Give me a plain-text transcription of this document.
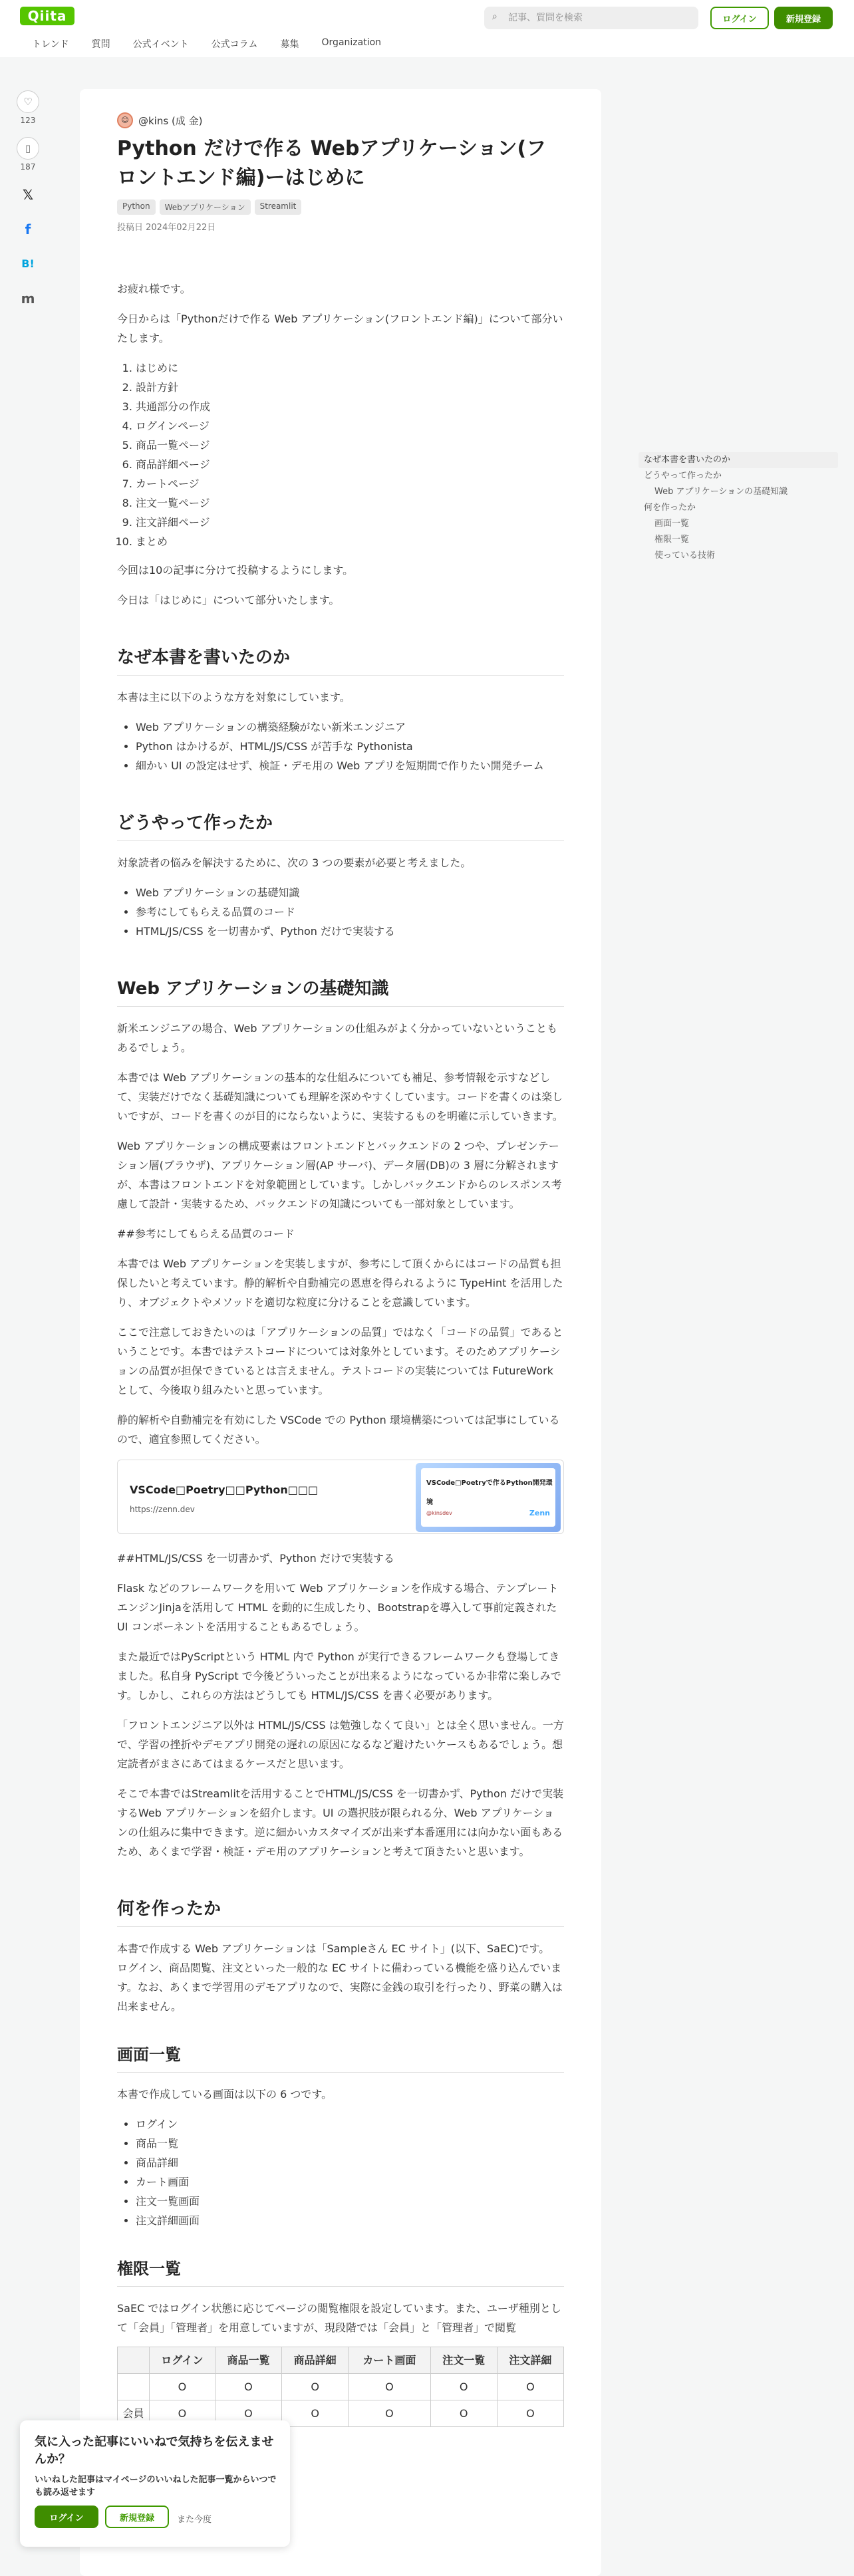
Qiita	⌕
記事、質問を検索	ログイン	新規登録
トレンド 質問 公式イベント 公式コラム 募集 Organization
♡
123
▯
187
𝕏
f
B!
m
☺ @kins (成 金)
Python だけで作る Webアプリケーション(フロントエンド編)ーはじめに
Python	Webアプリケーション	Streamlit
投稿日 2024年02月22日

お疲れ様です。

今日からは「Pythonだけで作る Web アプリケーション(フロントエンド編)」について部分いたします。

1. はじめに
2. 設計方針
3. 共通部分の作成
4. ログインページ
5. 商品一覧ページ
6. 商品詳細ページ
7. カートページ
8. 注文一覧ページ
9. 注文詳細ページ
10. まとめ

今回は10の記事に分けて投稿するようにします。

今日は「はじめに」について部分いたします。

なぜ本書を書いたのか

本書は主に以下のような方を対象にしています。

• Web アプリケーションの構築経験がない新米エンジニア
• Python はかけるが、HTML/JS/CSS が苦手な Pythonista
• 細かい UI の設定はせず、検証・デモ用の Web アプリを短期間で作りたい開発チーム
どうやって作ったか

対象読者の悩みを解決するために、次の 3 つの要素が必要と考えました。

• Web アプリケーションの基礎知識
• 参考にしてもらえる品質のコード
• HTML/JS/CSS を一切書かず、Python だけで実装する
Web アプリケーションの基礎知識

新米エンジニアの場合、Web アプリケーションの仕組みがよく分かっていないということもあるでしょう。

本書では Web アプリケーションの基本的な仕組みについても補足、参考情報を示すなどして、実装だけでなく基礎知識についても理解を深めやすくしています。コードを書くのは楽しいですが、コードを書くのが目的にならないように、実装するものを明確に示していきます。

Web アプリケーションの構成要素はフロントエンドとバックエンドの 2 つや、プレゼンテーション層(ブラウザ)、アプリケーション層(AP サーバ)、データ層(DB)の 3 層に分解されますが、本書はフロントエンドを対象範囲としています。しかしバックエンドからのレスポンス考慮して設計・実装するため、バックエンドの知識についても一部対象としています。

##参考にしてもらえる品質のコード

本書では Web アプリケーションを実装しますが、参考にして頂くからにはコードの品質も担保したいと考えています。静的解析や自動補完の恩恵を得られるように TypeHint を活用したり、オブジェクトやメソッドを適切な粒度に分けることを意識しています。

ここで注意しておきたいのは「アプリケーションの品質」ではなく「コードの品質」であるということです。本書ではテストコードについては対象外としています。そのためアプリケーションの品質が担保できているとは言えません。テストコードの実装については FutureWork として、今後取り組みたいと思っています。

静的解析や自動補完を有効にした VSCode での Python 環境構築については記事にしているので、適宜参照してください。

VSCode□Poetry□□Python□□□
https://zenn.dev
VSCode□Poetryで作るPython開発環境
@kinsdev	Zenn

##HTML/JS/CSS を一切書かず、Python だけで実装する

Flask などのフレームワークを用いて Web アプリケーションを作成する場合、テンプレートエンジンJinjaを活用して HTML を動的に生成したり、Bootstrapを導入して事前定義された UI コンポーネントを活用することもあるでしょう。

また最近ではPyScriptという HTML 内で Python が実行できるフレームワークも登場してきました。私自身 PyScript で今後どういったことが出来るようになっているか非常に楽しみです。しかし、これらの方法はどうしても HTML/JS/CSS を書く必要があります。

「フロントエンジニア以外は HTML/JS/CSS は勉強しなくて良い」とは全く思いません。一方で、学習の挫折やデモアプリ開発の遅れの原因になるなど避けたいケースもあるでしょう。想定読者がまさにあてはまるケースだと思います。

そこで本書ではStreamlitを活用することでHTML/JS/CSS を一切書かず、Python だけで実装するWeb アプリケーションを紹介します。UI の選択肢が限られる分、Web アプリケーションの仕組みに集中できます。逆に細かいカスタマイズが出来ず本番運用には向かない面もあるため、あくまで学習・検証・デモ用のアプリケーションと考えて頂きたいと思います。

何を作ったか

本書で作成する Web アプリケーションは「Sampleさん EC サイト」(以下、SaEC)です。

ログイン、商品閲覧、注文といった一般的な EC サイトに備わっている機能を盛り込んでいます。なお、あくまで学習用のデモアプリなので、実際に金銭の取引を行ったり、野菜の購入は出来ません。

画面一覧

本書で作成している画面は以下の 6 つです。

• ログイン
• 商品一覧
• 商品詳細
• カート画面
• 注文一覧画面
• 注文詳細画面
権限一覧

SaEC ではログイン状態に応じてページの閲覧権限を設定しています。また、ユーザ種別として「会員」「管理者」を用意していますが、現段階では「会員」と「管理者」で閲覧

	ログイン	商品一覧	商品詳細	カート画面	注文一覧	注文詳細
	O	O	O	O	O	O
会員	O	O	O	O	O	O
なぜ本書を書いたのか
どうやって作ったか
Web アプリケーションの基礎知識
何を作ったか
画面一覧
権限一覧
使っている技術
気に入った記事にいいねで気持ちを伝えませんか？
いいねした記事はマイページのいいねした記事一覧からいつでも読み返せます
ログイン	新規登録	また今度
